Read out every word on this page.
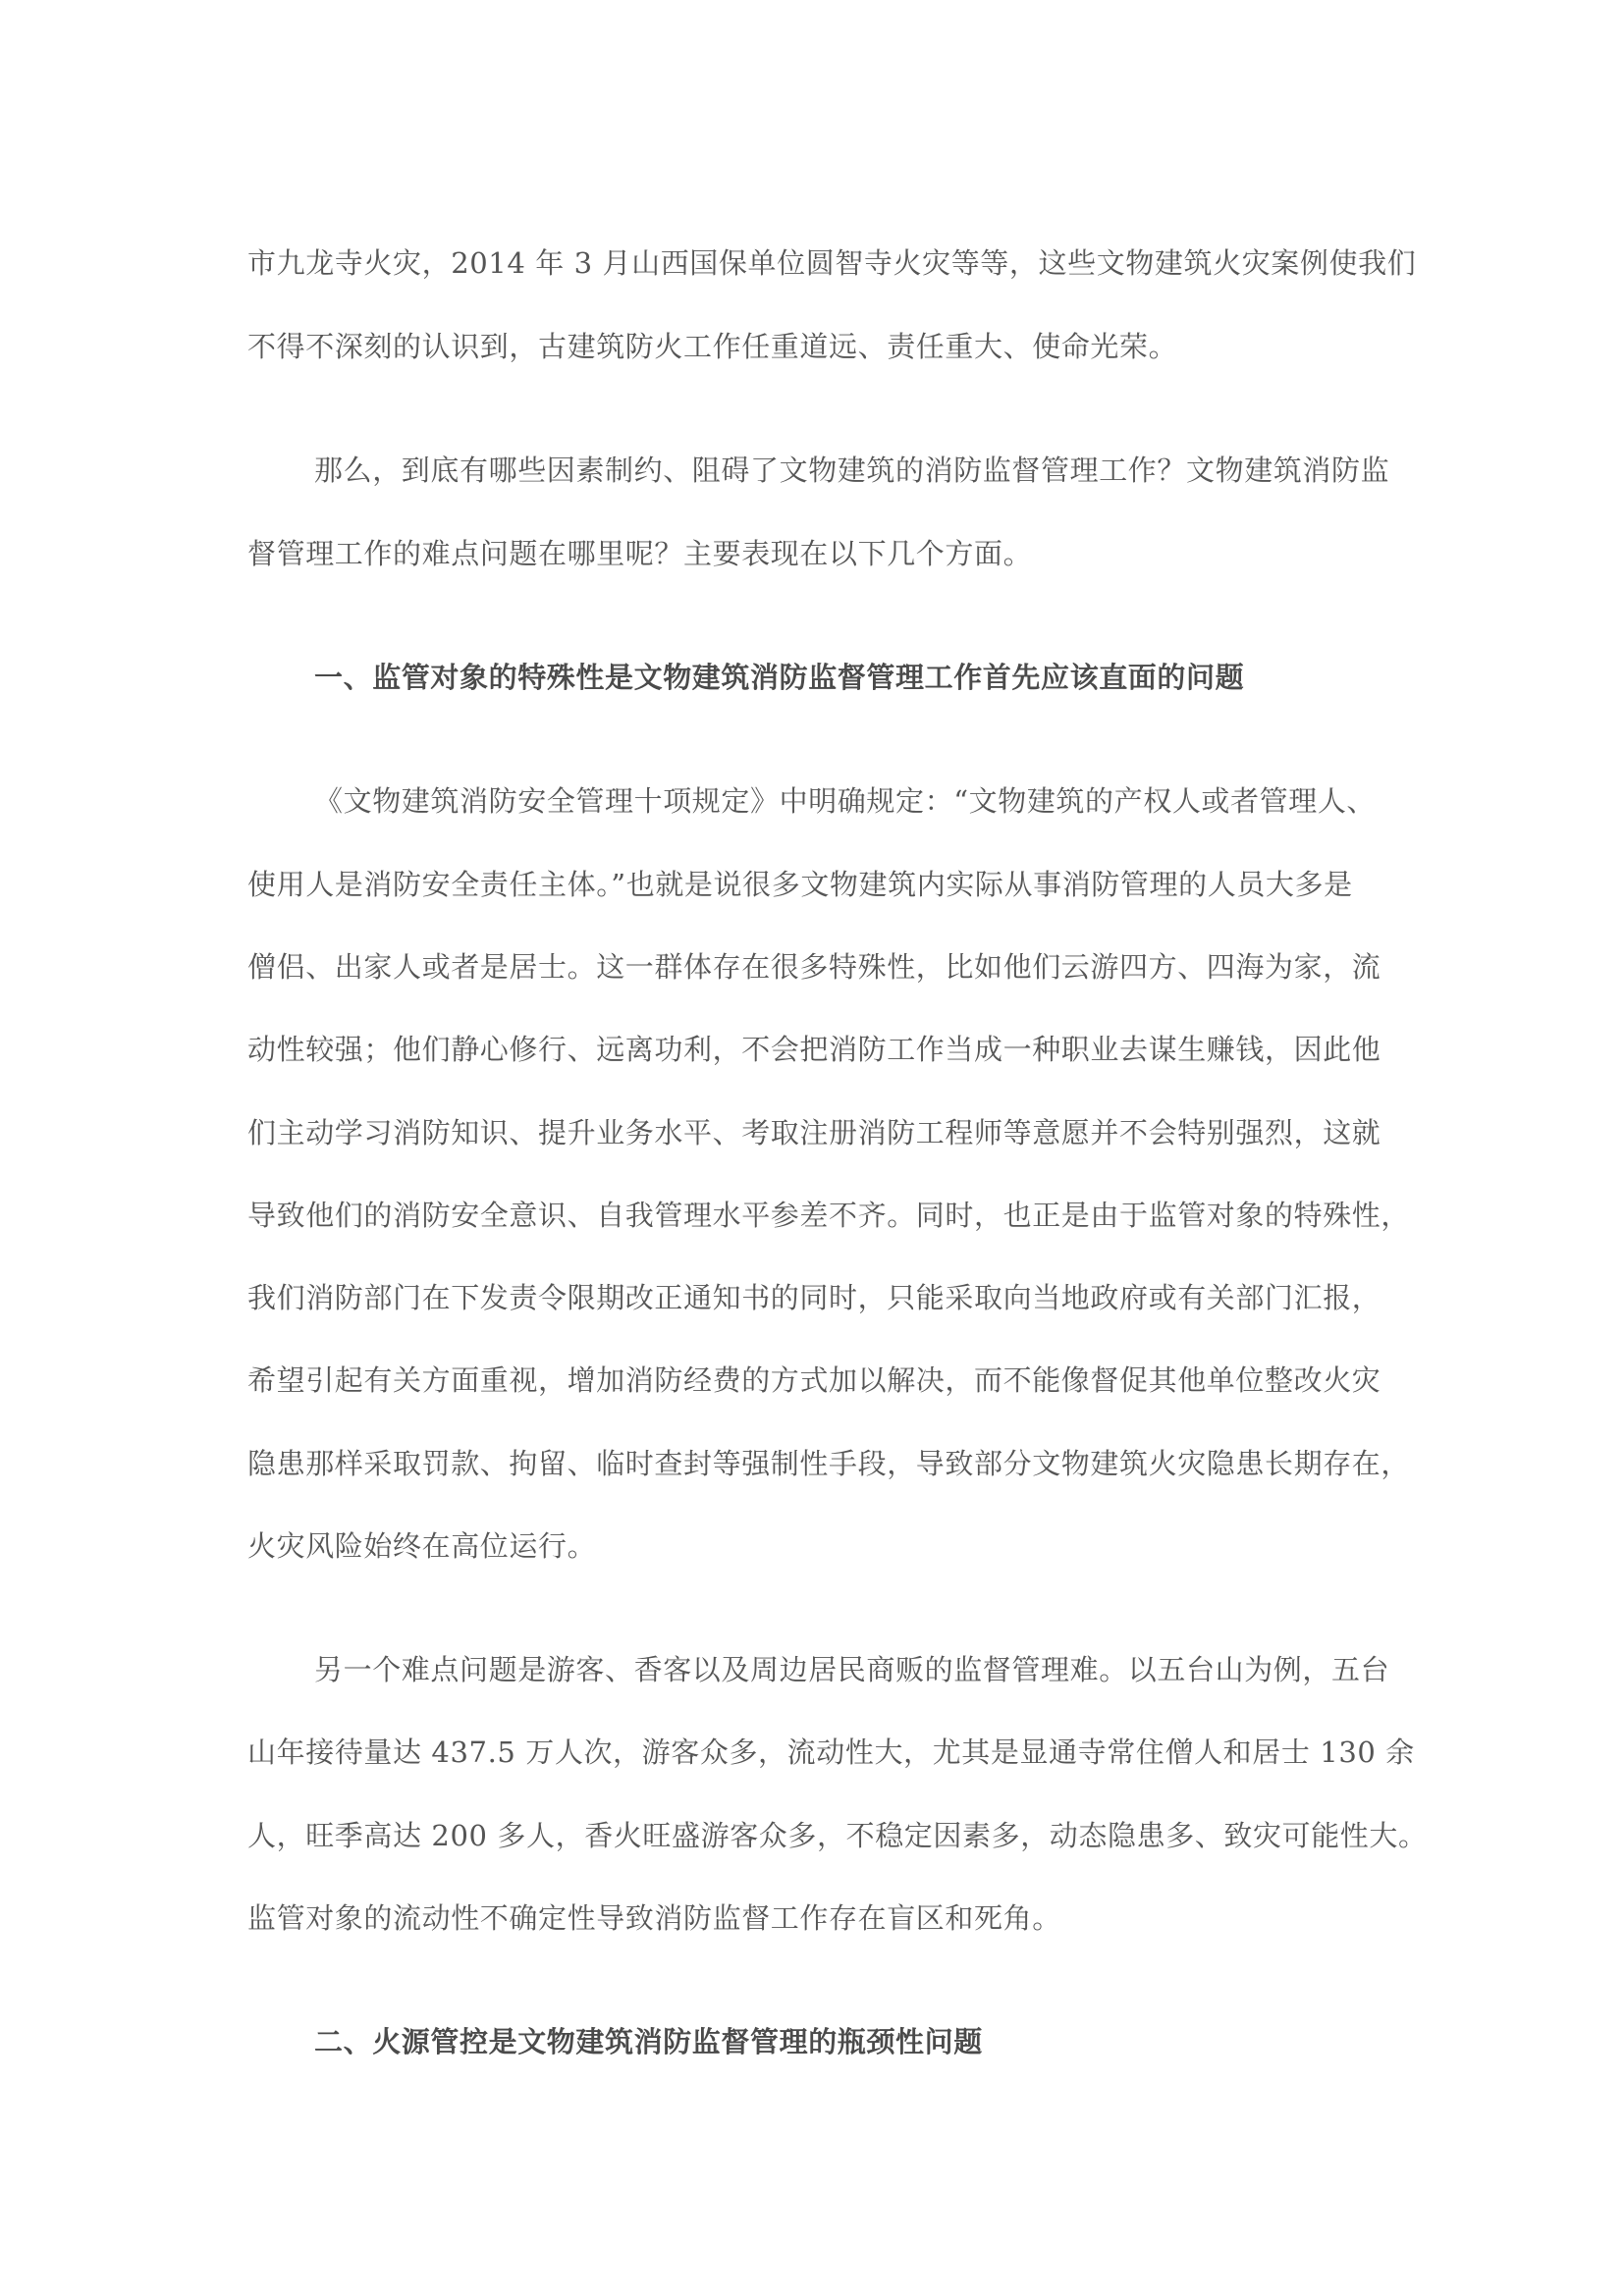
市九龙寺火灾，2014 年 3 月山西国保单位圆智寺火灾等等，这些文物建筑火灾案例使我们
不得不深刻的认识到，古建筑防火工作任重道远、责任重大、使命光荣。
那么，到底有哪些因素制约、阻碍了文物建筑的消防监督管理工作？文物建筑消防监
督管理工作的难点问题在哪里呢？主要表现在以下几个方面。
一、监管对象的特殊性是文物建筑消防监督管理工作首先应该直面的问题
《文物建筑消防安全管理十项规定》中明确规定：“文物建筑的产权人或者管理人、
使用人是消防安全责任主体。”也就是说很多文物建筑内实际从事消防管理的人员大多是
僧侣、出家人或者是居士。这一群体存在很多特殊性，比如他们云游四方、四海为家，流
动性较强；他们静心修行、远离功利，不会把消防工作当成一种职业去谋生赚钱，因此他
们主动学习消防知识、提升业务水平、考取注册消防工程师等意愿并不会特别强烈，这就
导致他们的消防安全意识、自我管理水平参差不齐。同时，也正是由于监管对象的特殊性，
我们消防部门在下发责令限期改正通知书的同时，只能采取向当地政府或有关部门汇报，
希望引起有关方面重视，增加消防经费的方式加以解决，而不能像督促其他单位整改火灾
隐患那样采取罚款、拘留、临时查封等强制性手段，导致部分文物建筑火灾隐患长期存在，
火灾风险始终在高位运行。
另一个难点问题是游客、香客以及周边居民商贩的监督管理难。以五台山为例，五台
山年接待量达 437.5 万人次，游客众多，流动性大，尤其是显通寺常住僧人和居士 130 余
人，旺季高达 200 多人，香火旺盛游客众多，不稳定因素多，动态隐患多、致灾可能性大。
监管对象的流动性不确定性导致消防监督工作存在盲区和死角。
二、火源管控是文物建筑消防监督管理的瓶颈性问题
